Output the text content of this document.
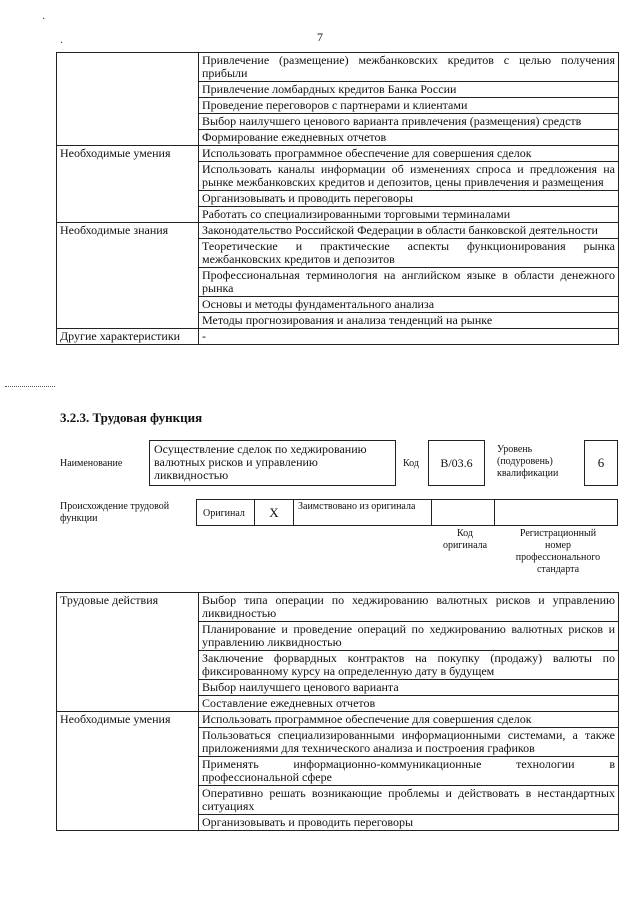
7
·
·
	Привлечение (размещение) межбанковских кредитов с целью получения прибыли
	Привлечение ломбардных кредитов Банка России
	Проведение переговоров с партнерами и клиентами
	Выбор наилучшего ценового варианта привлечения (размещения) средств
	Формирование ежедневных отчетов
Необходимые умения	Использовать программное обеспечение для совершения сделок
	Использовать каналы информации об изменениях спроса и предложения на рынке межбанковских кредитов и депозитов, цены привлечения и размещения
	Организовывать и проводить переговоры
	Работать со специализированными торговыми терминалами
Необходимые знания	Законодательство Российской Федерации в области банковской деятельности
	Теоретические и практические аспекты функционирования рынка межбанковских кредитов и депозитов
	Профессиональная терминология на английском языке в области денежного рынка
	Основы и методы фундаментального анализа
	Методы прогнозирования и анализа тенденций на рынке
Другие характеристики	-
3.2.3. Трудовая функция
Наименование
Осуществление сделок по хеджированию валютных рисков и управлению ликвидностью
Код	B/03.6
Уровень (подуровень) квалификации
6
Происхождение трудовой функции	Оригинал	X	Заимствовано из оригинала
Код оригинала
Регистрационный номер профессионального стандарта
Трудовые действия	Выбор типа операции по хеджированию валютных рисков и управлению ликвидностью
	Планирование и проведение операций по хеджированию валютных рисков и управлению ликвидностью
	Заключение форвардных контрактов на покупку (продажу) валюты по фиксированному курсу на определенную дату в будущем
	Выбор наилучшего ценового варианта
	Составление ежедневных отчетов
Необходимые умения	Использовать программное обеспечение для совершения сделок
	Пользоваться специализированными информационными системами, а также приложениями для технического анализа и построения графиков
	Применять информационно-коммуникационные технологии в профессиональной сфере
	Оперативно решать возникающие проблемы и действовать в нестандартных ситуациях
	Организовывать и проводить переговоры
